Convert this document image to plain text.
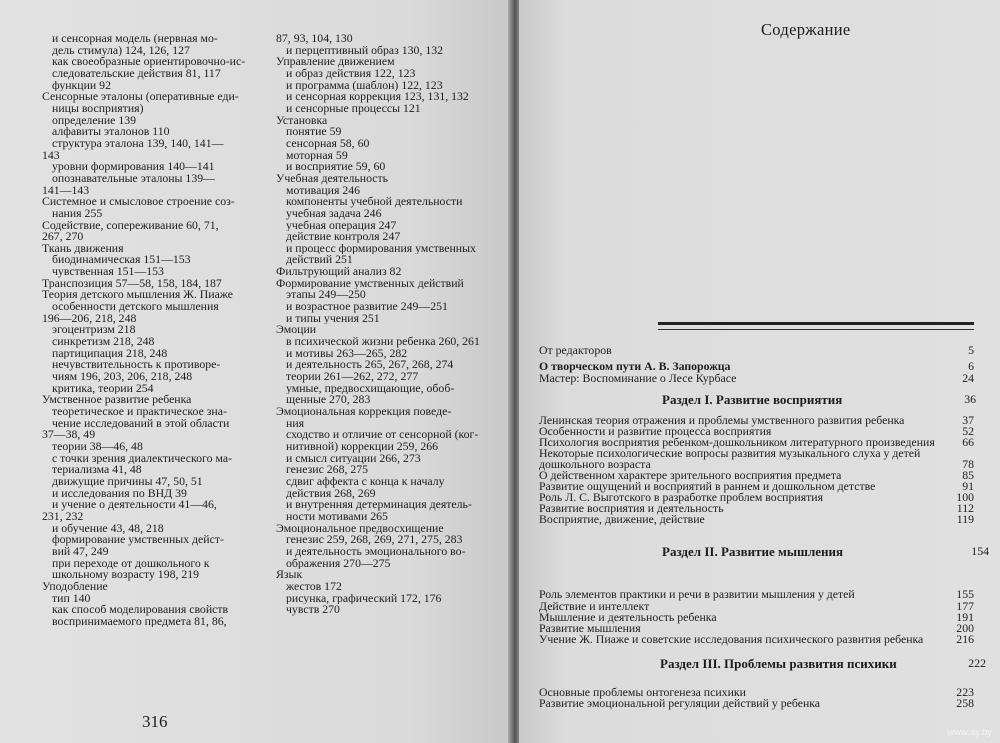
и сенсорная модель (нервная мо-
дель стимула) 124, 126, 127
как своеобразные ориентировочно-ис-
следовательские действия 81, 117
функции 92
Сенсорные эталоны (оперативные еди-
ницы восприятия)
определение 139
алфавиты эталонов 110
структура эталона 139, 140, 141—
143
уровни формирования 140—141
опознавательные эталоны 139—
141—143
Системное и смысловое строение соз-
нания 255
Содействие, сопереживание 60, 71,
267, 270
Ткань движения
биодинамическая 151—153
чувственная 151—153
Транспозиция 57—58, 158, 184, 187
Теория детского мышления Ж. Пиаже
особенности детского мышления
196—206, 218, 248
эгоцентризм 218
синкретизм 218, 248
партиципация 218, 248
нечувствительность к противоре-
чиям 196, 203, 206, 218, 248
критика, теории 254
Умственное развитие ребенка
теоретическое и практическое зна-
чение исследований в этой области
37—38, 49
теории 38—46, 48
с точки зрения диалектического ма-
териализма 41, 48
движущие причины 47, 50, 51
и исследования по ВНД 39
и учение о деятельности 41—46,
231, 232
и обучение 43, 48, 218
формирование умственных дейст-
вий 47, 249
при переходе от дошкольного к
школьному возрасту 198, 219
Уподобление
тип 140
как способ моделирования свойств
воспринимаемого предмета 81, 86,
87, 93, 104, 130
и перцептивный образ 130, 132
Управление движением
и образ действия 122, 123
и программа (шаблон) 122, 123
и сенсорная коррекция 123, 131, 132
и сенсорные процессы 121
Установка
понятие 59
сенсорная 58, 60
моторная 59
и восприятие 59, 60
Учебная деятельность
мотивация 246
компоненты учебной деятельности
учебная задача 246
учебная операция 247
действие контроля 247
и процесс формирования умственных
действий 251
Фильтрующий анализ 82
Формирование умственных действий
этапы 249—250
и возрастное развитие 249—251
и типы учения 251
Эмоции
в психической жизни ребенка 260, 261
и мотивы 263—265, 282
и деятельность 265, 267, 268, 274
теории 261—262, 272, 277
умные, предвосхищающие, обоб-
щенные 270, 283
Эмоциональная коррекция поведе-
ния
сходство и отличие от сенсорной (ког-
нитивной) коррекции 259, 266
и смысл ситуации 266, 273
генезис 268, 275
сдвиг аффекта с конца к началу
действия 268, 269
и внутренняя детерминация деятель-
ности мотивами 265
Эмоциональное предвосхищение
генезис 259, 268, 269, 271, 275, 283
и деятельность эмоционального во-
ображения 270—275
Язык
жестов 172
рисунка, графический 172, 176
чувств 270
316
Содержание
От редакторов	5
О творческом пути А. В. Запорожца	6
Мастер: Воспоминание о Лесе Курбасе	24
Раздел I. Развитие восприятия	36
Ленинская теория отражения и проблемы умственного развития ребенка	37
Особенности и развитие процесса восприятия	52
Психология восприятия ребенком-дошкольником литературного произведения 66
Некоторые психологические вопросы развития музыкального слуха у детей
дошкольного возраста	78
О действенном характере зрительного восприятия предмета	85
Развитие ощущений и восприятий в раннем и дошкольном детстве	91
Роль Л. С. Выготского в разработке проблем восприятия	100
Развитие восприятия и деятельность	112
Восприятие, движение, действие	119
Раздел II. Развитие мышления	154
Роль элементов практики и речи в развитии мышления у детей	155
Действие и интеллект	177
Мышление и деятельность ребенка	191
Развитие мышления	200
Учение Ж. Пиаже и советские исследования психического развития ребенка	216
Раздел III. Проблемы развития психики	222
Основные проблемы онтогенеза психики	223
Развитие эмоциональной регуляции действий у ребенка	258
www.ay.by
